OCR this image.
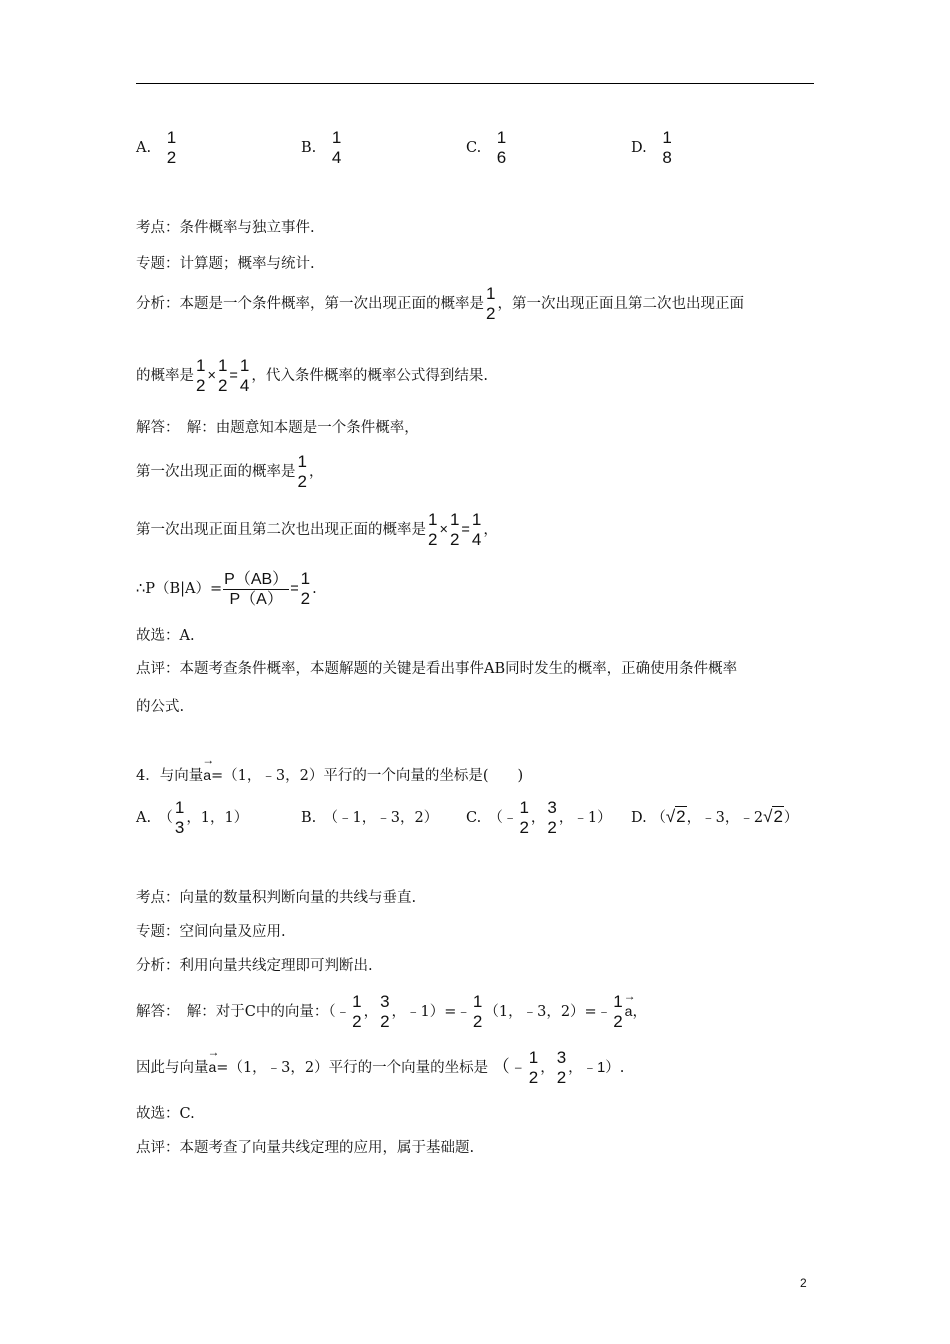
A.
1
2	B.
1
4	C.
1
6	D.
1
8
考点：条件概率与独立事件.
专题：计算题；概率与统计.
分析：本题是一个条件概率，第一次出现正面的概率是
1
2 ，第一次出现正面且第二次也出现正面
的概率是
1
2 ×
1
2 =
1
4 ，代入条件概率的概率公式得到结果.
解答：　解：由题意知本题是一个条件概率，
第一次出现正面的概率是
1
2 ，
第一次出现正面且第二次也出现正面的概率是
1
2 ×
1
2 =
1
4 ，
∴P（B|A）= $\frac{P(AB)}{P(A)}$ =
1
2 .
故选：A.
点评：本题考查条件概率，本题解题的关键是看出事件AB同时发生的概率，正确使用条件概率
的公式.
4．与向量
→
a=（1，﹣3，2）平行的一个向量的坐标是(　　)
A.　（
1
3 ，1，1）	B.　（﹣1，﹣3，2） C.　（﹣
1
2 ，
3
2 ，﹣1） D. （√2，﹣3，﹣2√2）
考点：向量的数量积判断向量的共线与垂直.
专题：空间向量及应用.
分析：利用向量共线定理即可判断出.
解答：　解：对于C中的向量：（﹣
1
2 ，
3
2 ，﹣1）=﹣
1
2 （1，﹣3，2）=﹣
1
2
→
a，
因此与向量
→
a=（1，﹣3，2）平行的一个向量的坐标是 （﹣ 1
2 ，
3
2 ，﹣1）.
故选：C.
点评：本题考查了向量共线定理的应用，属于基础题.
2
